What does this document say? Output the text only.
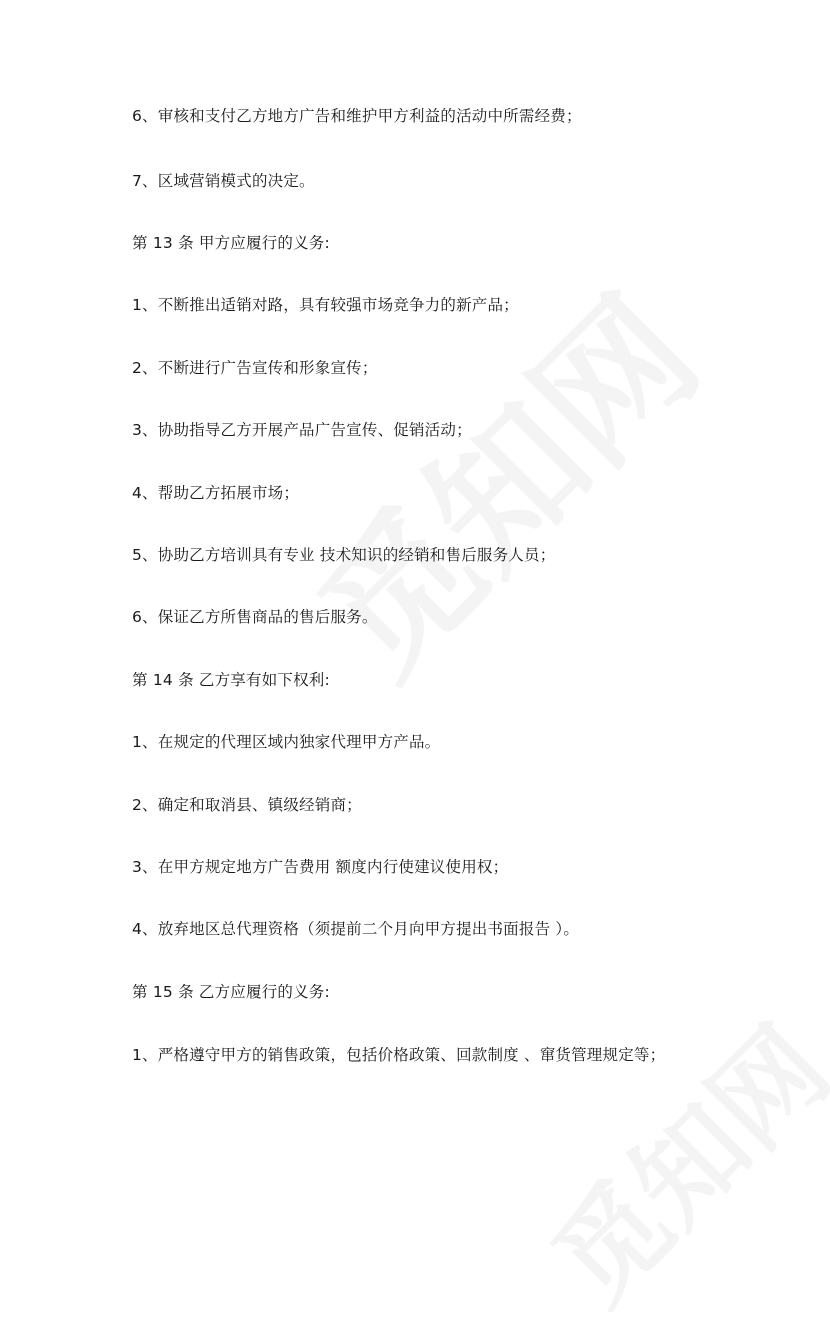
6、审核和支付乙方地方广告和维护甲方利益的活动中所需经费；
7、区域营销模式的决定。
第 13 条 甲方应履行的义务:
1、不断推出适销对路，具有较强市场竞争力的新产品；
2、不断进行广告宣传和形象宣传；
3、协助指导乙方开展产品广告宣传、促销活动；
4、帮助乙方拓展市场；
5、协助乙方培训具有专业 技术知识的经销和售后服务人员；
6、保证乙方所售商品的售后服务。
第 14 条 乙方享有如下权利:
1、在规定的代理区域内独家代理甲方产品。
2、确定和取消县、镇级经销商；
3、在甲方规定地方广告费用 额度内行使建议使用权；
4、放弃地区总代理资格（须提前二个月向甲方提出书面报告 ）。
第 15 条 乙方应履行的义务:
1、严格遵守甲方的销售政策，包括价格政策、回款制度 、窜货管理规定等；
